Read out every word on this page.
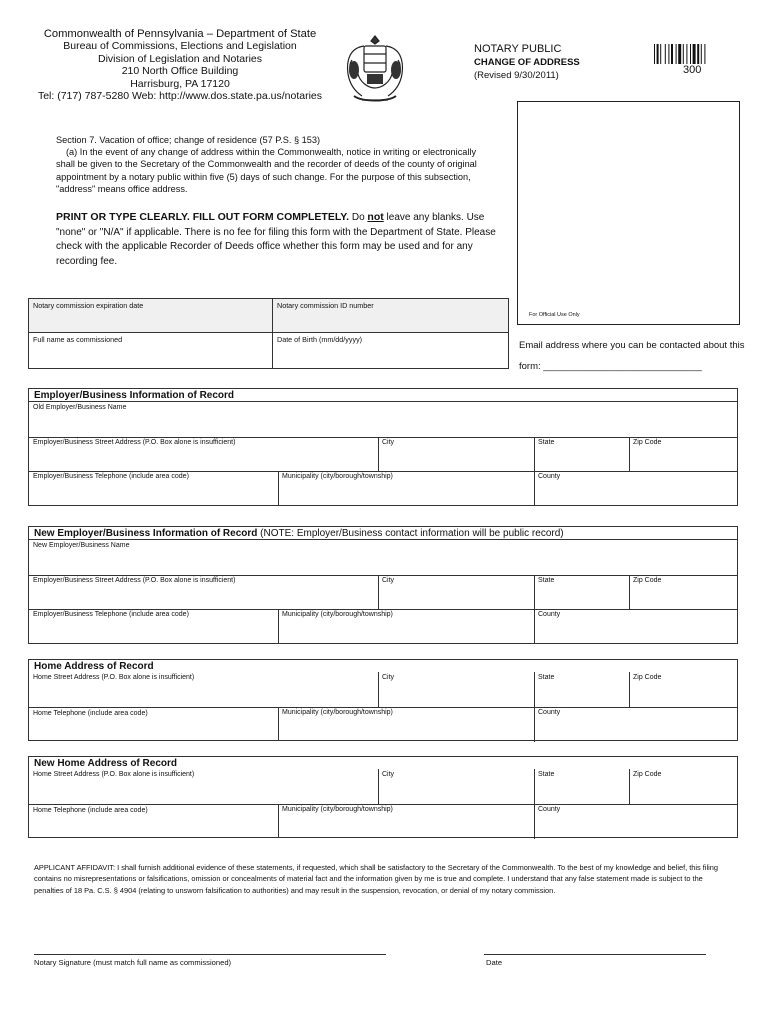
Commonwealth of Pennsylvania – Department of State
Bureau of Commissions, Elections and Legislation
Division of Legislation and Notaries
210 North Office Building
Harrisburg, PA 17120
Tel: (717) 787-5280 Web: http://www.dos.state.pa.us/notaries
NOTARY PUBLIC
CHANGE OF ADDRESS
(Revised 9/30/2011)	300
For Official Use Only
Section 7. Vacation of office; change of residence (57 P.S. § 153)
(a) In the event of any change of address within the Commonwealth, notice in writing or electronically shall be given to the Secretary of the Commonwealth and the recorder of deeds of the county of original appointment by a notary public within five (5) days of such change. For the purpose of this subsection, "address" means office address.
PRINT OR TYPE CLEARLY. FILL OUT FORM COMPLETELY. Do not leave any blanks. Use "none" or "N/A" if applicable. There is no fee for filing this form with the Department of State. Please check with the applicable Recorder of Deeds office whether this form may be used and for any recording fee.
Notary commission expiration date	Notary commission ID number
Full name as commissioned	Date of Birth (mm/dd/yyyy)
Email address where you can be contacted about this form: ______________________________
Employer/Business Information of Record
Old Employer/Business Name
Employer/Business Street Address (P.O. Box alone is insufficient)	City	State	Zip Code
Employer/Business Telephone (include area code)	Municipality (city/borough/township)	County
New Employer/Business Information of Record (NOTE: Employer/Business contact information will be public record)
New Employer/Business Name
Employer/Business Street Address (P.O. Box alone is insufficient)	City	State	Zip Code
Employer/Business Telephone (include area code)	Municipality (city/borough/township)	County
Home Address of Record
Home Street Address (P.O. Box alone is insufficient)	City	State	Zip Code
Home Telephone (include area code)	Municipality (city/borough/township)	County
New Home Address of Record
Home Street Address (P.O. Box alone is insufficient)	City	State	Zip Code
Home Telephone (include area code)	Municipality (city/borough/township)	County
APPLICANT AFFIDAVIT: I shall furnish additional evidence of these statements, if requested, which shall be satisfactory to the Secretary of the Commonwealth. To the best of my knowledge and belief, this filing contains no misrepresentations or falsifications, omission or concealments of material fact and the information given by me is true and complete. I understand that any false statement made is subject to the penalties of 18 Pa. C.S. § 4904 (relating to unsworn falsification to authorities) and may result in the suspension, revocation, or denial of my notary commission.
Notary Signature (must match full name as commissioned)	Date
